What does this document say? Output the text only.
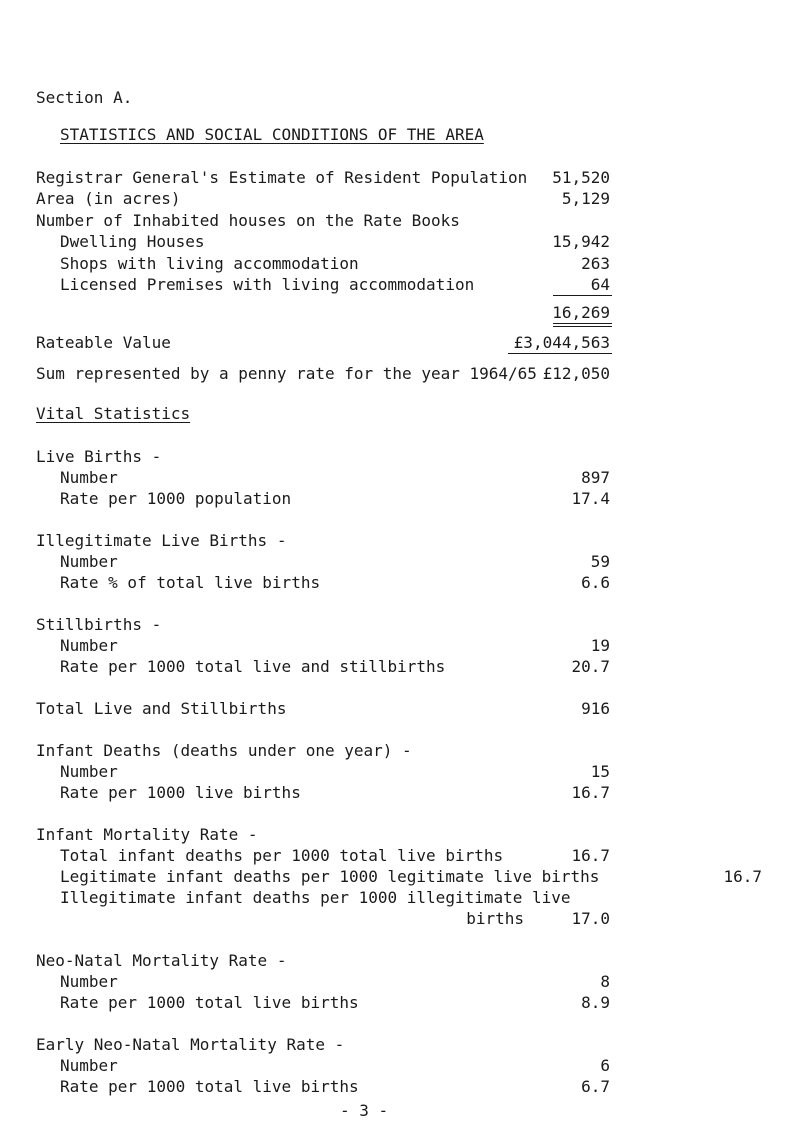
Section A.
STATISTICS AND SOCIAL CONDITIONS OF THE AREA
Registrar General's Estimate of Resident Population 51,520
Area (in acres)	5,129
Number of Inhabited houses on the Rate Books
Dwelling Houses	15,942
Shops with living accommodation	263
Licensed Premises with living accommodation	64
16,269
Rateable Value	£3,044,563
Sum represented by a penny rate for the year 1964/65 £12,050
Vital Statistics
Live Births -
Number	897
Rate per 1000 population	17.4
Illegitimate Live Births -
Number	59
Rate % of total live births	6.6
Stillbirths -
Number	19
Rate per 1000 total live and stillbirths	20.7
Total Live and Stillbirths	916
Infant Deaths (deaths under one year) -
Number	15
Rate per 1000 live births	16.7
Infant Mortality Rate -
Total infant deaths per 1000 total live births	16.7
Legitimate infant deaths per 1000 legitimate live births	16.7
Illegitimate infant deaths per 1000 illegitimate live
births	17.0
Neo-Natal Mortality Rate -
Number	8
Rate per 1000 total live births	8.9
Early Neo-Natal Mortality Rate -
Number	6
Rate per 1000 total live births	6.7
- 3 -
